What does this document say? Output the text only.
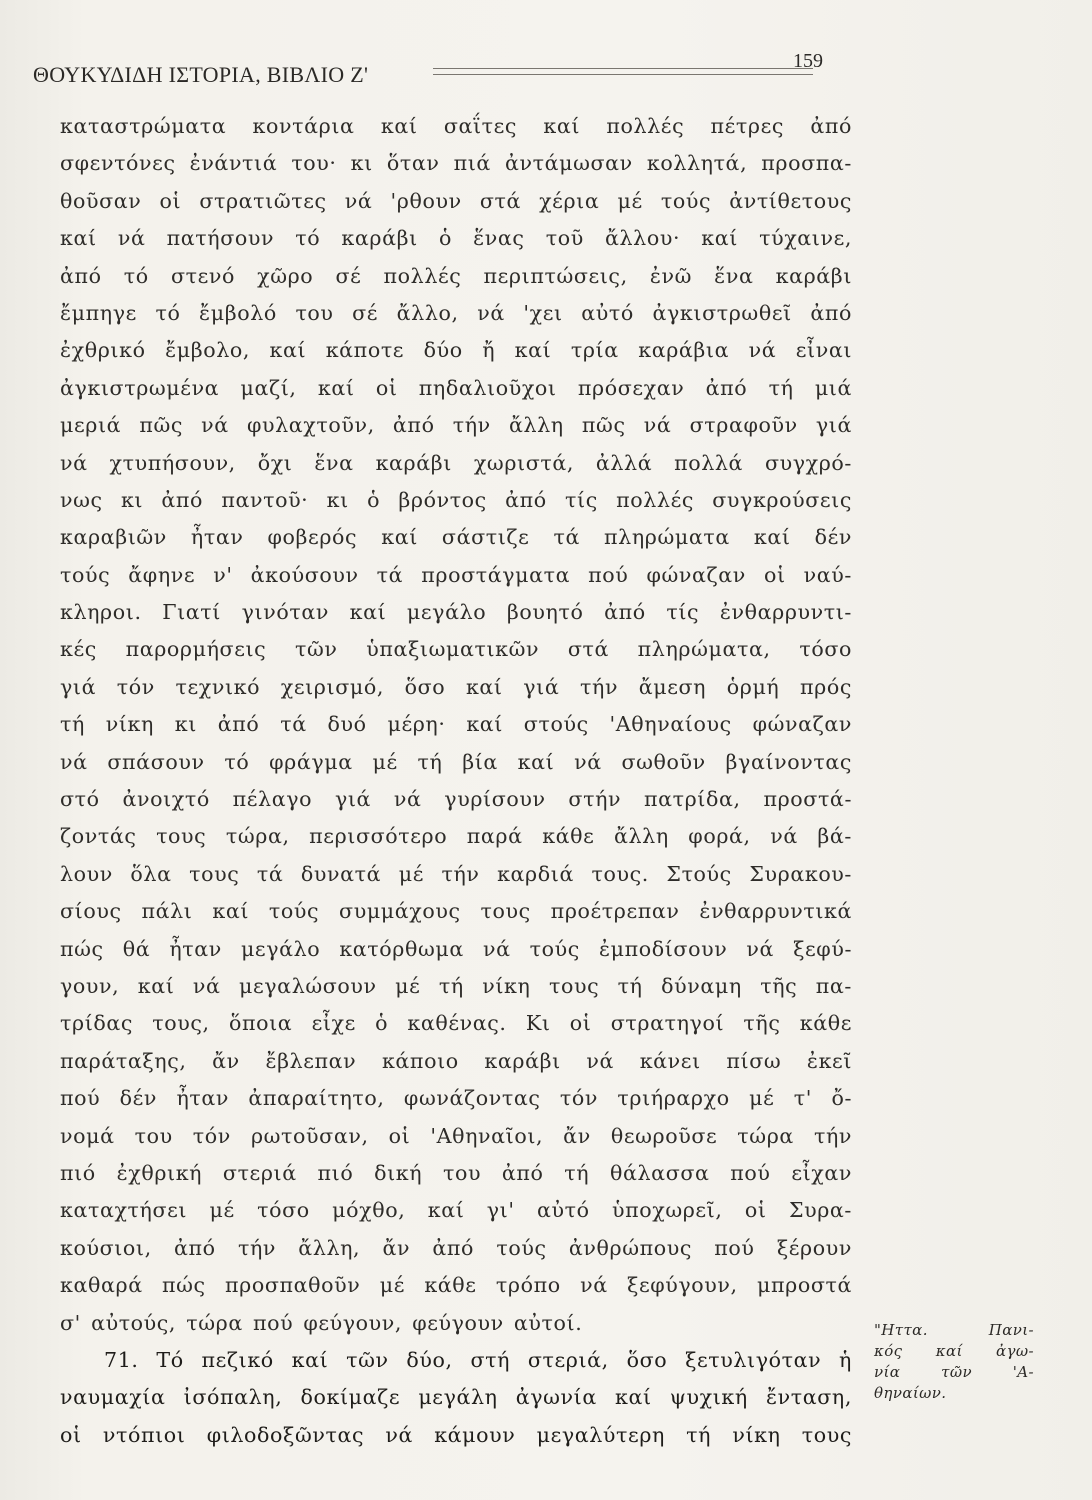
ΘΟΥΚΥΔΙΔΗ ΙΣΤΟΡΙΑ, ΒΙΒΛΙΟ Ζ'
159
καταστρώματα κοντάρια καί σαΐτες καί πολλές πέτρες ἀπό
σφεντόνες ἐνάντιά του· κι ὅταν πιά ἀντάμωσαν κολλητά, προσπα-
θοῦσαν οἱ στρατιῶτες νά 'ρθουν στά χέρια μέ τούς ἀντίθετους
καί νά πατήσουν τό καράβι ὁ ἕνας τοῦ ἄλλου· καί τύχαινε,
ἀπό τό στενό χῶρο σέ πολλές περιπτώσεις, ἐνῶ ἕνα καράβι
ἔμπηγε τό ἔμβολό του σέ ἄλλο, νά 'χει αὐτό ἀγκιστρωθεῖ ἀπό
ἐχθρικό ἔμβολο, καί κάποτε δύο ἤ καί τρία καράβια νά εἶναι
ἀγκιστρωμένα μαζί, καί οἱ πηδαλιοῦχοι πρόσεχαν ἀπό τή μιά
μεριά πῶς νά φυλαχτοῦν, ἀπό τήν ἄλλη πῶς νά στραφοῦν γιά
νά χτυπήσουν, ὄχι ἕνα καράβι χωριστά, ἀλλά πολλά συγχρό-
νως κι ἀπό παντοῦ· κι ὁ βρόντος ἀπό τίς πολλές συγκρούσεις
καραβιῶν ἦταν φοβερός καί σάστιζε τά πληρώματα καί δέν
τούς ἄφηνε ν' ἀκούσουν τά προστάγματα πού φώναζαν οἱ ναύ-
κληροι. Γιατί γινόταν καί μεγάλο βουητό ἀπό τίς ἐνθαρρυντι-
κές παρορμήσεις τῶν ὑπαξιωματικῶν στά πληρώματα, τόσο
γιά τόν τεχνικό χειρισμό, ὅσο καί γιά τήν ἄμεση ὁρμή πρός
τή νίκη κι ἀπό τά δυό μέρη· καί στούς 'Αθηναίους φώναζαν
νά σπάσουν τό φράγμα μέ τή βία καί νά σωθοῦν βγαίνοντας
στό ἀνοιχτό πέλαγο γιά νά γυρίσουν στήν πατρίδα, προστά-
ζοντάς τους τώρα, περισσότερο παρά κάθε ἄλλη φορά, νά βά-
λουν ὅλα τους τά δυνατά μέ τήν καρδιά τους. Στούς Συρακου-
σίους πάλι καί τούς συμμάχους τους προέτρεπαν ἐνθαρρυντικά
πώς θά ἦταν μεγάλο κατόρθωμα νά τούς ἐμποδίσουν νά ξεφύ-
γουν, καί νά μεγαλώσουν μέ τή νίκη τους τή δύναμη τῆς πα-
τρίδας τους, ὅποια εἶχε ὁ καθένας. Κι οἱ στρατηγοί τῆς κάθε
παράταξης, ἄν ἔβλεπαν κάποιο καράβι νά κάνει πίσω ἐκεῖ
πού δέν ἦταν ἀπαραίτητο, φωνάζοντας τόν τριήραρχο μέ τ' ὄ-
νομά του τόν ρωτοῦσαν, οἱ 'Αθηναῖοι, ἄν θεωροῦσε τώρα τήν
πιό ἐχθρική στεριά πιό δική του ἀπό τή θάλασσα πού εἶχαν
καταχτήσει μέ τόσο μόχθο, καί γι' αὐτό ὑποχωρεῖ, οἱ Συρα-
κούσιοι, ἀπό τήν ἄλλη, ἄν ἀπό τούς ἀνθρώπους πού ξέρουν
καθαρά πώς προσπαθοῦν μέ κάθε τρόπο νά ξεφύγουν, μπροστά
σ' αὐτούς, τώρα πού φεύγουν, φεύγουν αὐτοί.
71. Τό πεζικό καί τῶν δύο, στή στεριά, ὅσο ξετυλιγόταν ἡ
ναυμαχία ἰσόπαλη, δοκίμαζε μεγάλη ἀγωνία καί ψυχική ἔνταση,
οἱ ντόπιοι φιλοδοξῶντας νά κάμουν μεγαλύτερη τή νίκη τους
"Ηττα. Πανι-
κός καί ἀγω-
νία τῶν 'Α-
θηναίων.
